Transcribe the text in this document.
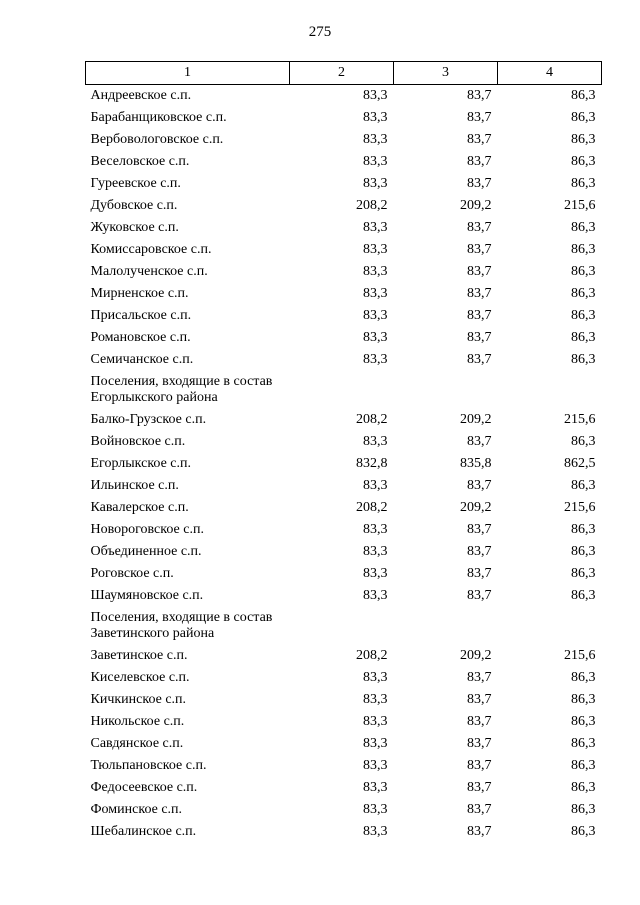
275
1	2	3	4
Андреевское с.п.	83,3	83,7	86,3
Барабанщиковское с.п.	83,3	83,7	86,3
Вербовологовское с.п.	83,3	83,7	86,3
Веселовское с.п.	83,3	83,7	86,3
Гуреевское с.п.	83,3	83,7	86,3
Дубовское с.п.	208,2	209,2	215,6
Жуковское с.п.	83,3	83,7	86,3
Комиссаровское с.п.	83,3	83,7	86,3
Малолученское с.п.	83,3	83,7	86,3
Мирненское с.п.	83,3	83,7	86,3
Присальское с.п.	83,3	83,7	86,3
Романовское с.п.	83,3	83,7	86,3
Семичанское с.п.	83,3	83,7	86,3
Поселения, входящие в состав Егорлыкского района			
Балко-Грузское с.п.	208,2	209,2	215,6
Войновское с.п.	83,3	83,7	86,3
Егорлыкское с.п.	832,8	835,8	862,5
Ильинское с.п.	83,3	83,7	86,3
Кавалерское с.п.	208,2	209,2	215,6
Новороговское с.п.	83,3	83,7	86,3
Объединенное с.п.	83,3	83,7	86,3
Роговское с.п.	83,3	83,7	86,3
Шаумяновское с.п.	83,3	83,7	86,3
Поселения, входящие в состав Заветинского района			
Заветинское с.п.	208,2	209,2	215,6
Киселевское с.п.	83,3	83,7	86,3
Кичкинское с.п.	83,3	83,7	86,3
Никольское с.п.	83,3	83,7	86,3
Савдянское с.п.	83,3	83,7	86,3
Тюльпановское с.п.	83,3	83,7	86,3
Федосеевское с.п.	83,3	83,7	86,3
Фоминское с.п.	83,3	83,7	86,3
Шебалинское с.п.	83,3	83,7	86,3
